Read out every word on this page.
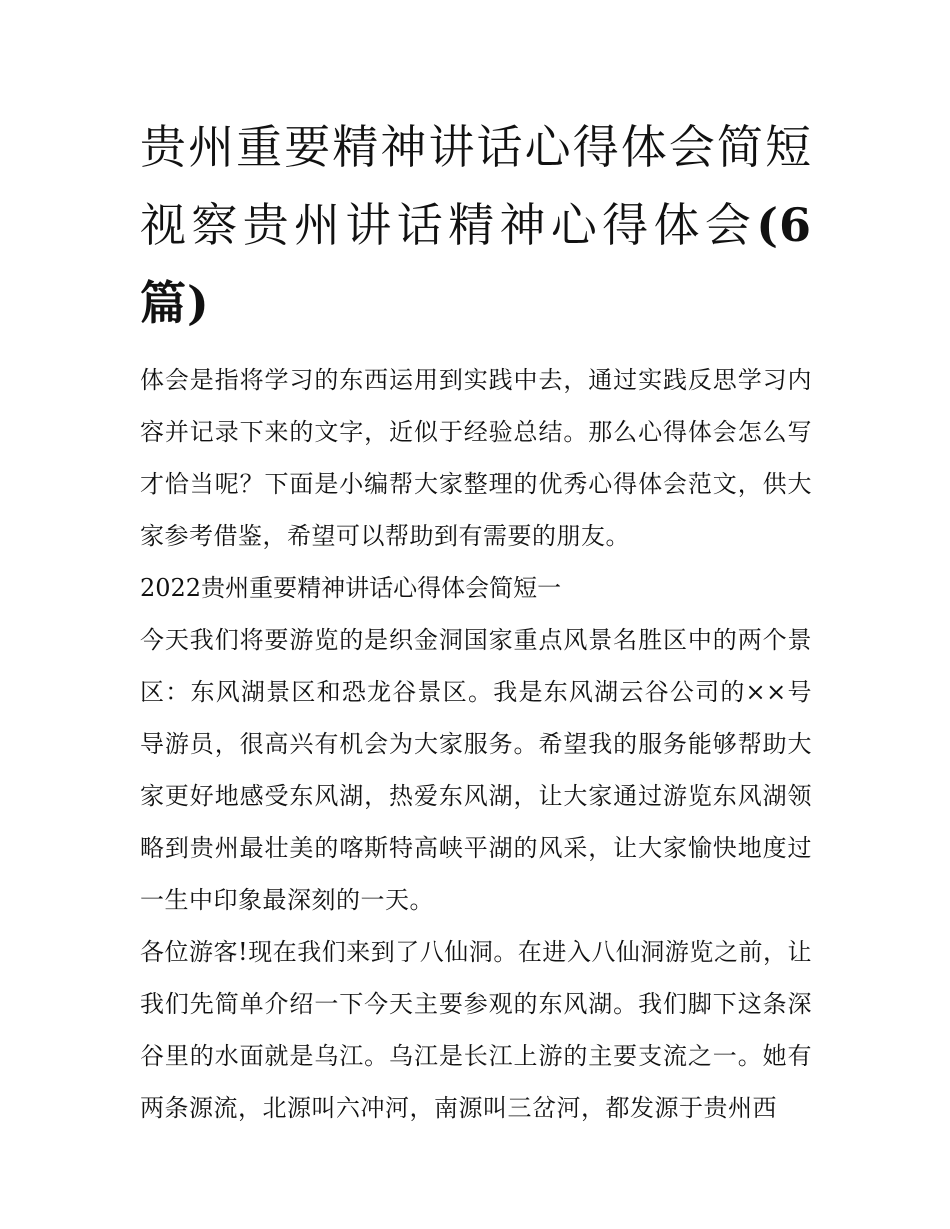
贵州重要精神讲话心得体会简短 视察贵州讲话精神心得体会(6篇)

体会是指将学习的东西运用到实践中去，通过实践反思学习内容并记录下来的文字，近似于经验总结。那么心得体会怎么写才恰当呢？下面是小编帮大家整理的优秀心得体会范文，供大家参考借鉴，希望可以帮助到有需要的朋友。

2022贵州重要精神讲话心得体会简短一

今天我们将要游览的是织金洞国家重点风景名胜区中的两个景区：东风湖景区和恐龙谷景区。我是东风湖云谷公司的××号导游员，很高兴有机会为大家服务。希望我的服务能够帮助大家更好地感受东风湖，热爱东风湖，让大家通过游览东风湖领略到贵州最壮美的喀斯特高峡平湖的风采，让大家愉快地度过一生中印象最深刻的一天。

各位游客!现在我们来到了八仙洞。在进入八仙洞游览之前，让我们先简单介绍一下今天主要参观的东风湖。我们脚下这条深谷里的水面就是乌江。乌江是长江上游的主要支流之一。她有两条源流，北源叫六冲河，南源叫三岔河，都发源于贵州西
